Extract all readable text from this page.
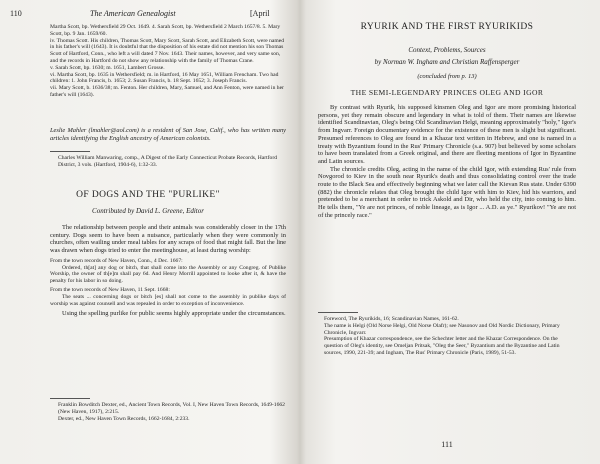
110	The American Genealogist	[April

Martha Scott, bp. Wethersfield 29 Oct. 1649. 4. Sarah Scott, bp. Wethersfield 2 March 1657/8. 5. Mary Scott, bp. 9 Jan. 1659/60.

iv. Thomas Scott. His children, Thomas Scott, Mary Scott, Sarah Scott, and Elizabeth Scott, were named in his father's will (1643). It is doubtful that the disposition of his estate did not mention his son Thomas Scott of Hartford, Conn., who left a will dated 7 Nov. 1643. Their names, however, and very same son, and the records in Hartford do not show any relationship with the family of Thomas Crane.

v. Sarah Scott, bp. 1630; m. 1651, Lambert Grosse.

vi. Martha Scott, bp. 1635 in Wethersfield; m. in Hartford, 16 May 1651, William Frencham. Two had children: 1. John Francis, b. 1653; 2. Susan Francis, b. 18 Sept. 1652; 3. Joseph Francis.

vii. Mary Scott, b. 1636/38; m. Fenton. Her children, Mary, Samuel, and Ann Fenton, were named in her father's will (1643).

Leslie Mahler (lmahler@aol.com) is a resident of San Jose, Calif., who has written many articles identifying the English ancestry of American colonists.
Charles William Manwaring, comp., A Digest of the Early Connecticut Probate Records, Hartford District, 3 vols. (Hartford, 1904-6), 1:32-33.
OF DOGS AND THE "PURLIKE"
Contributed by David L. Greene, Editor

The relationship between people and their animals was considerably closer in the 17th century. Dogs seem to have been a nuisance, particularly when they were commonly in churches, often wailing under meal tables for any scraps of food that might fall. But the line was drawn when dogs tried to enter the meetinghouse, at least during worship:

From the town records of New Haven, Conn., 4 Dec. 1667:

Ordered, th[at] any dog or bitch, that shall come into the Assembly or any Congreg. of Publike Worship, the owner of th[e]m shall pay 6d. And Henry Morrill appointed to looke after it, & have the penalty for his labor in so doing.

From the town records of New Haven, 11 Sept. 1668:

The seats ... concerning dogs or bitch [es] shall not come to the assembly in publike days of worship was against counsell and was repealed in order to exception of inconvenience.

Using the spelling purlike for public seems highly appropriate under the circumstances.

Franklin Bowditch Dexter, ed., Ancient Town Records, Vol. I, New Haven Town Records, 1649-1662 (New Haven, 1917), 2:215.

Dexter, ed., New Haven Town Records, 1662-1684, 2:233.

RYURIK AND THE FIRST RYURIKIDS
Context, Problems, Sources
by Norman W. Ingham and Christian Raffensperger
(concluded from p. 13)
THE SEMI-LEGENDARY PRINCES OLEG AND IGOR

By contrast with Ryurik, his supposed kinsmen Oleg and Igor are more promising historical persons, yet they remain obscure and legendary in what is told of them. Their names are likewise identified Scandinavian, Oleg's being Old Scandinavian Helgi, meaning approximately "holy," Igor's from Ingvarr. Foreign documentary evidence for the existence of these men is slight but significant. Presumed references to Oleg are found in a Khazar text written in Hebrew, and one is named in a treaty with Byzantium found in the Rus' Primary Chronicle (s.a. 907) but believed by some scholars to have been translated from a Greek original, and there are fleeting mentions of Igor in Byzantine and Latin sources.

The chronicle credits Oleg, acting in the name of the child Igor, with extending Rus' rule from Novgorod to Kiev in the south near Ryurik's death and thus consolidating control over the trade route to the Black Sea and effectively beginning what we later call the Kievan Rus state. Under 6390 (882) the chronicle relates that Oleg brought the child Igor with him to Kiev, hid his warriors, and pretended to be a merchant in order to trick Askold and Dir, who held the city, into coming to him. He tells them, "Ye are not princes, of noble lineage, as is Igor ... A.D. as ye." Ryurikov! "Ye are not of the princely race."

Foreword, The Ryurikids, 16; Scandinavian Names, 161-62.

The name is Helgi (Old Norse Helgi, Old Norse Olafr); see Nasonov and Old Nordic Dictionary, Primary Chronicle, Ingvarr.

Presumption of Khazar correspondence, see the Schechter letter and the Khazar Correspondence. On the question of Oleg's identity, see Omeljan Pritsak, "Oleg the Seer," Byzantium and the Byzantine and Latin sources, 1990, 221-39; and Ingham, The Rus' Primary Chronicle (Paris, 1989), 51-53.

111
